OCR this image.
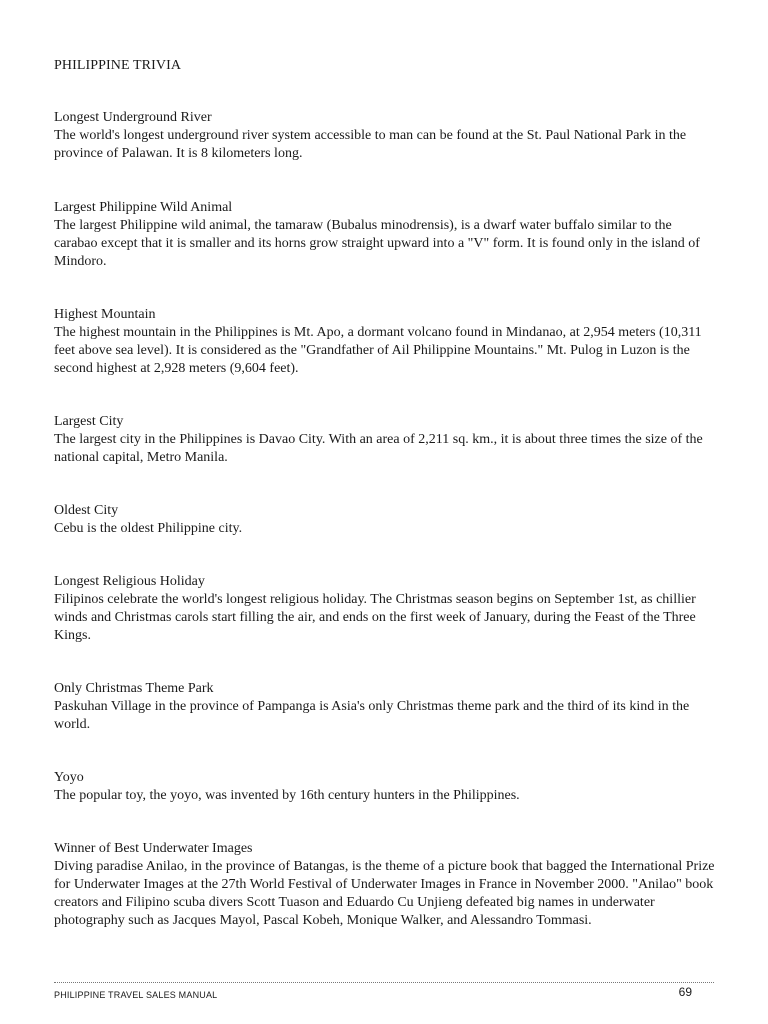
PHILIPPINE TRIVIA
Longest Underground River

The world's longest underground river system accessible to man can be found at the St. Paul National Park in the province of Palawan. It is 8 kilometers long.

Largest Philippine Wild Animal

The largest Philippine wild animal, the tamaraw (Bubalus minodrensis), is a dwarf water buffalo similar to the carabao except that it is smaller and its horns grow straight upward into a "V" form. It is found only in the island of Mindoro.

Highest Mountain

The highest mountain in the Philippines is Mt. Apo, a dormant volcano found in Mindanao, at 2,954 meters (10,311 feet above sea level). It is considered as the "Grandfather of Ail Philippine Mountains." Mt. Pulog in Luzon is the second highest at 2,928 meters (9,604 feet).

Largest City

The largest city in the Philippines is Davao City. With an area of 2,211 sq. km., it is about three times the size of the national capital, Metro Manila.

Oldest City

Cebu is the oldest Philippine city.

Longest Religious Holiday

Filipinos celebrate the world's longest religious holiday. The Christmas season begins on September 1st, as chillier winds and Christmas carols start filling the air, and ends on the first week of January, during the Feast of the Three Kings.

Only Christmas Theme Park

Paskuhan Village in the province of Pampanga is Asia's only Christmas theme park and the third of its kind in the world.

Yoyo

The popular toy, the yoyo, was invented by 16th century hunters in the Philippines.

Winner of Best Underwater Images

Diving paradise Anilao, in the province of Batangas, is the theme of a picture book that bagged the International Prize for Underwater Images at the 27th World Festival of Underwater Images in France in November 2000. "Anilao" book creators and Filipino scuba divers Scott Tuason and Eduardo Cu Unjieng defeated big names in underwater photography such as Jacques Mayol, Pascal Kobeh, Monique Walker, and Alessandro Tommasi.

PHILIPPINE TRAVEL SALES MANUAL	69
